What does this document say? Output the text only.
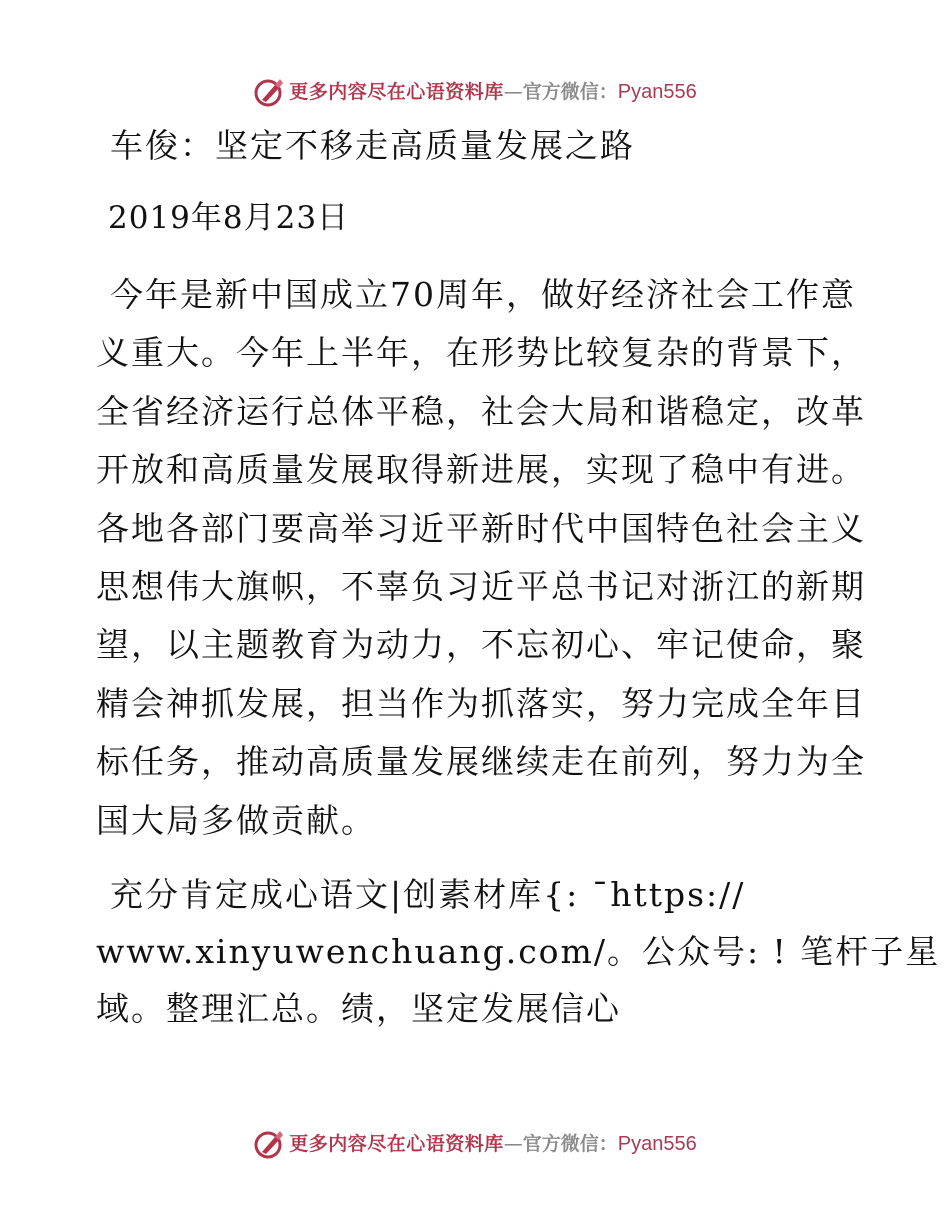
更多内容尽在心语资料库 — 官方微信： Pyan556
车俊：坚定不移走高质量发展之路
2019年8月23日
今年是新中国成立70周年，做好经济社会工作意
义重大。今年上半年，在形势比较复杂的背景下，
全省经济运行总体平稳，社会大局和谐稳定，改革
开放和高质量发展取得新进展，实现了稳中有进。
各地各部门要高举习近平新时代中国特色社会主义
思想伟大旗帜，不辜负习近平总书记对浙江的新期
望，以主题教育为动力，不忘初心、牢记使命，聚
精会神抓发展，担当作为抓落实，努力完成全年目
标任务，推动高质量发展继续走在前列，努力为全
国大局多做贡献。
充分肯定成心语文|创素材库{: ¯https://
www.xinyuwenchuang.com/。公众号: ! 笔杆子星
域。整理汇总。绩，坚定发展信心
更多内容尽在心语资料库 — 官方微信： Pyan556
